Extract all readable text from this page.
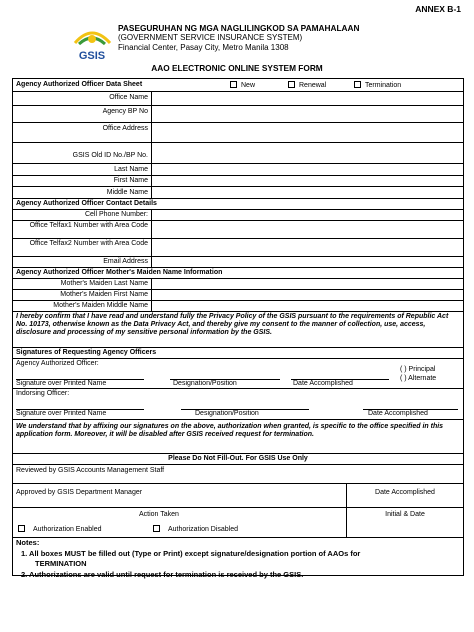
ANNEX B-1
GSIS
PASEGURUHAN NG MGA NAGLILINGKOD SA PAMAHALAAN
(GOVERNMENT SERVICE INSURANCE SYSTEM)
Financial Center, Pasay City, Metro Manila 1308
AAO ELECTRONIC ONLINE SYSTEM FORM
Agency Authorized Officer Data Sheet	New	Renewal	Termination
Office Name
Agency BP No
Office Address
GSIS Old ID No./BP No.
Last Name
First Name
Middle Name
Agency Authorized Officer Contact Details
Cell Phone Number:
Office Telfax1 Number with Area Code
Office Telfax2 Number with Area Code
Email Address
Agency Authorized Officer Mother's Maiden Name Information
Mother's Maiden Last Name
Mother's Maiden First Name
Mother's Maiden Middle Name
I hereby confirm that I have read and understand fully the Privacy Policy of the GSIS pursuant to the requirements of Republic Act No. 10173, otherwise known as the Data Privacy Act, and thereby give my consent to the manner of collection, use, access, disclosure and processing of my sensitive personal information by the GSIS.
Signatures of Requesting Agency Officers
Agency Authorized Officer:
( ) Principal
( ) Alternate
Signature over Printed Name	Designation/Position	Date Accomplished
Indorsing Officer:
Signature over Printed Name	Designation/Position	Date Accomplished
We understand that by affixing our signatures on the above, authorization when granted, is specific to the office specified in this application form. Moreover, it will be disabled after GSIS received request for termination.
Please Do Not Fill-Out. For GSIS Use Only
Reviewed by GSIS Accounts Management Staff
Approved by GSIS Department Manager	Date Accomplished
Action Taken
Authorization Enabled	Authorization Disabled
Initial & Date
Notes:
1. All boxes MUST be filled out (Type or Print) except signature/designation portion of AAOs for
TERMINATION
2. Authorizations are valid until request for termination is received by the GSIS.
